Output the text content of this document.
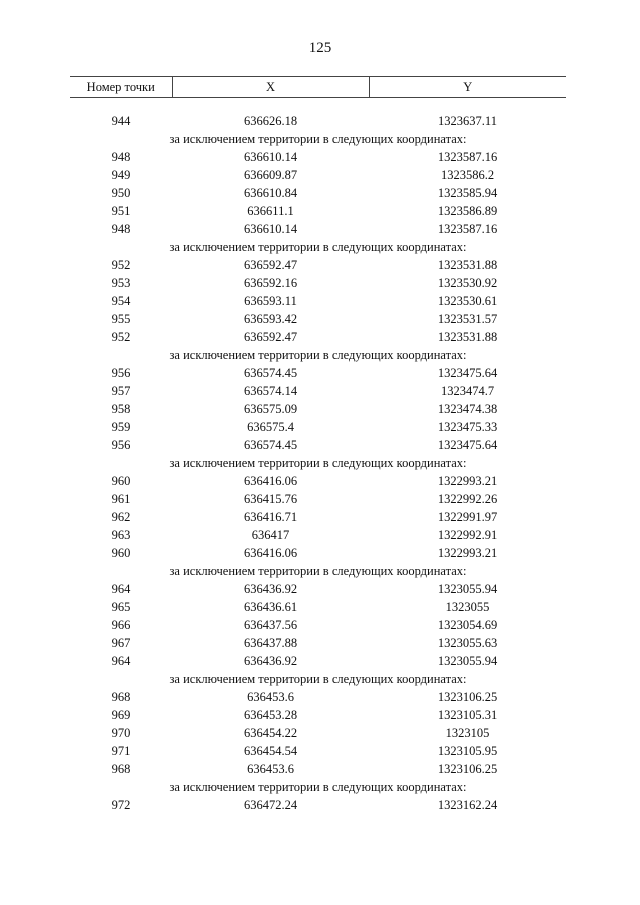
125
Номер точки	X	Y

944	636626.18	1323637.11
за исключением территории в следующих координатах:		
948	636610.14	1323587.16
949	636609.87	1323586.2
950	636610.84	1323585.94
951	636611.1	1323586.89
948	636610.14	1323587.16
за исключением территории в следующих координатах:		
952	636592.47	1323531.88
953	636592.16	1323530.92
954	636593.11	1323530.61
955	636593.42	1323531.57
952	636592.47	1323531.88
за исключением территории в следующих координатах:		
956	636574.45	1323475.64
957	636574.14	1323474.7
958	636575.09	1323474.38
959	636575.4	1323475.33
956	636574.45	1323475.64
за исключением территории в следующих координатах:		
960	636416.06	1322993.21
961	636415.76	1322992.26
962	636416.71	1322991.97
963	636417	1322992.91
960	636416.06	1322993.21
за исключением территории в следующих координатах:		
964	636436.92	1323055.94
965	636436.61	1323055
966	636437.56	1323054.69
967	636437.88	1323055.63
964	636436.92	1323055.94
за исключением территории в следующих координатах:		
968	636453.6	1323106.25
969	636453.28	1323105.31
970	636454.22	1323105
971	636454.54	1323105.95
968	636453.6	1323106.25
за исключением территории в следующих координатах:		
972	636472.24	1323162.24
